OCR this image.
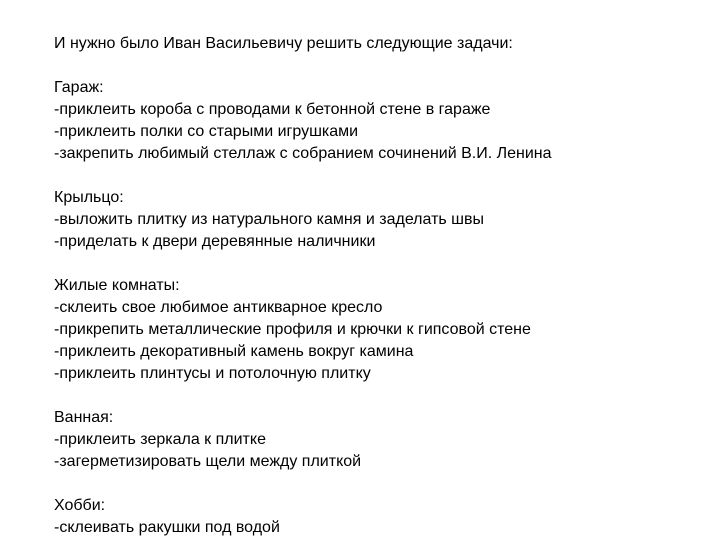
И нужно было Иван Васильевичу решить следующие задачи:
Гараж:
-приклеить короба с проводами к бетонной стене в гараже
-приклеить полки со старыми игрушками
-закрепить любимый стеллаж с собранием сочинений В.И. Ленина
Крыльцо:
-выложить плитку из натурального камня и заделать швы
-приделать к двери деревянные наличники
Жилые комнаты:
-склеить свое любимое антикварное кресло
-прикрепить металлические профиля и крючки к гипсовой стене
-приклеить декоративный камень вокруг камина
-приклеить плинтусы и потолочную плитку
Ванная:
-приклеить зеркала к плитке
-загерметизировать щели между плиткой
Хобби:
-склеивать ракушки под водой
